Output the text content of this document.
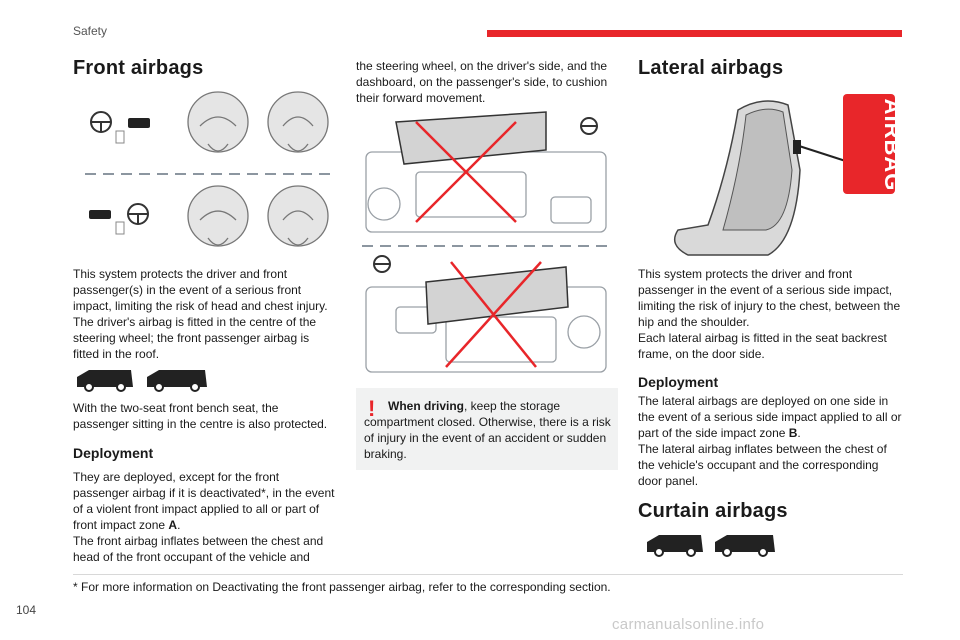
Safety
Front airbags

This system protects the driver and front passenger(s) in the event of a serious front impact, limiting the risk of head and chest injury. The driver's airbag is fitted in the centre of the steering wheel; the front passenger airbag is fitted in the roof.

With the two-seat front bench seat, the passenger sitting in the centre is also protected.

Deployment

They are deployed, except for the front passenger airbag if it is deactivated*, in the event of a violent front impact applied to all or part of front impact zone A.

The front airbag inflates between the chest and head of the front occupant of the vehicle and

the steering wheel, on the driver's side, and the dashboard, on the passenger's side, to cushion their forward movement.

!	When driving, keep the storage compartment closed. Otherwise, there is a risk of injury in the event of an accident or sudden braking.

Lateral airbags
AIRBAG

This system protects the driver and front passenger in the event of a serious side impact, limiting the risk of injury to the chest, between the hip and the shoulder.
Each lateral airbag is fitted in the seat backrest frame, on the door side.

Deployment

The lateral airbags are deployed on one side in the event of a serious side impact applied to all or part of the side impact zone B.
The lateral airbag inflates between the chest of the vehicle's occupant and the corresponding door panel.

Curtain airbags

* For more information on Deactivating the front passenger airbag, refer to the corresponding section.

104
carmanualsonline.info
